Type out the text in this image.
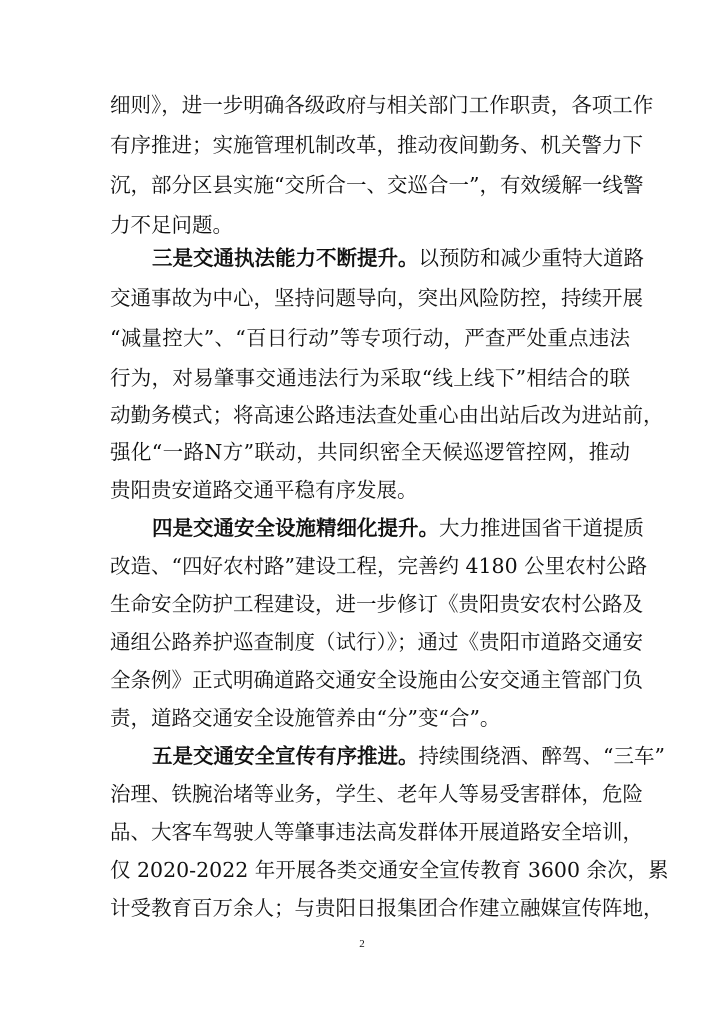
细则》，进一步明确各级政府与相关部门工作职责，各项工作
有序推进；实施管理机制改革，推动夜间勤务、机关警力下
沉，部分区县实施“交所合一、交巡合一”，有效缓解一线警
力不足问题。
三是交通执法能力不断提升。以预防和减少重特大道路
交通事故为中心，坚持问题导向，突出风险防控，持续开展
“减量控大”、“百日行动”等专项行动，严查严处重点违法
行为，对易肇事交通违法行为采取“线上线下”相结合的联
动勤务模式；将高速公路违法查处重心由出站后改为进站前，
强化“一路N方”联动，共同织密全天候巡逻管控网，推动
贵阳贵安道路交通平稳有序发展。
四是交通安全设施精细化提升。大力推进国省干道提质
改造、“四好农村路”建设工程，完善约 4180 公里农村公路
生命安全防护工程建设，进一步修订《贵阳贵安农村公路及
通组公路养护巡查制度（试行）》；通过《贵阳市道路交通安
全条例》正式明确道路交通安全设施由公安交通主管部门负
责，道路交通安全设施管养由“分”变“合”。
五是交通安全宣传有序推进。持续围绕酒、醉驾、“三车”
治理、铁腕治堵等业务，学生、老年人等易受害群体，危险
品、大客车驾驶人等肇事违法高发群体开展道路安全培训，
仅 2020-2022 年开展各类交通安全宣传教育 3600 余次，累
计受教育百万余人；与贵阳日报集团合作建立融媒宣传阵地，
2
